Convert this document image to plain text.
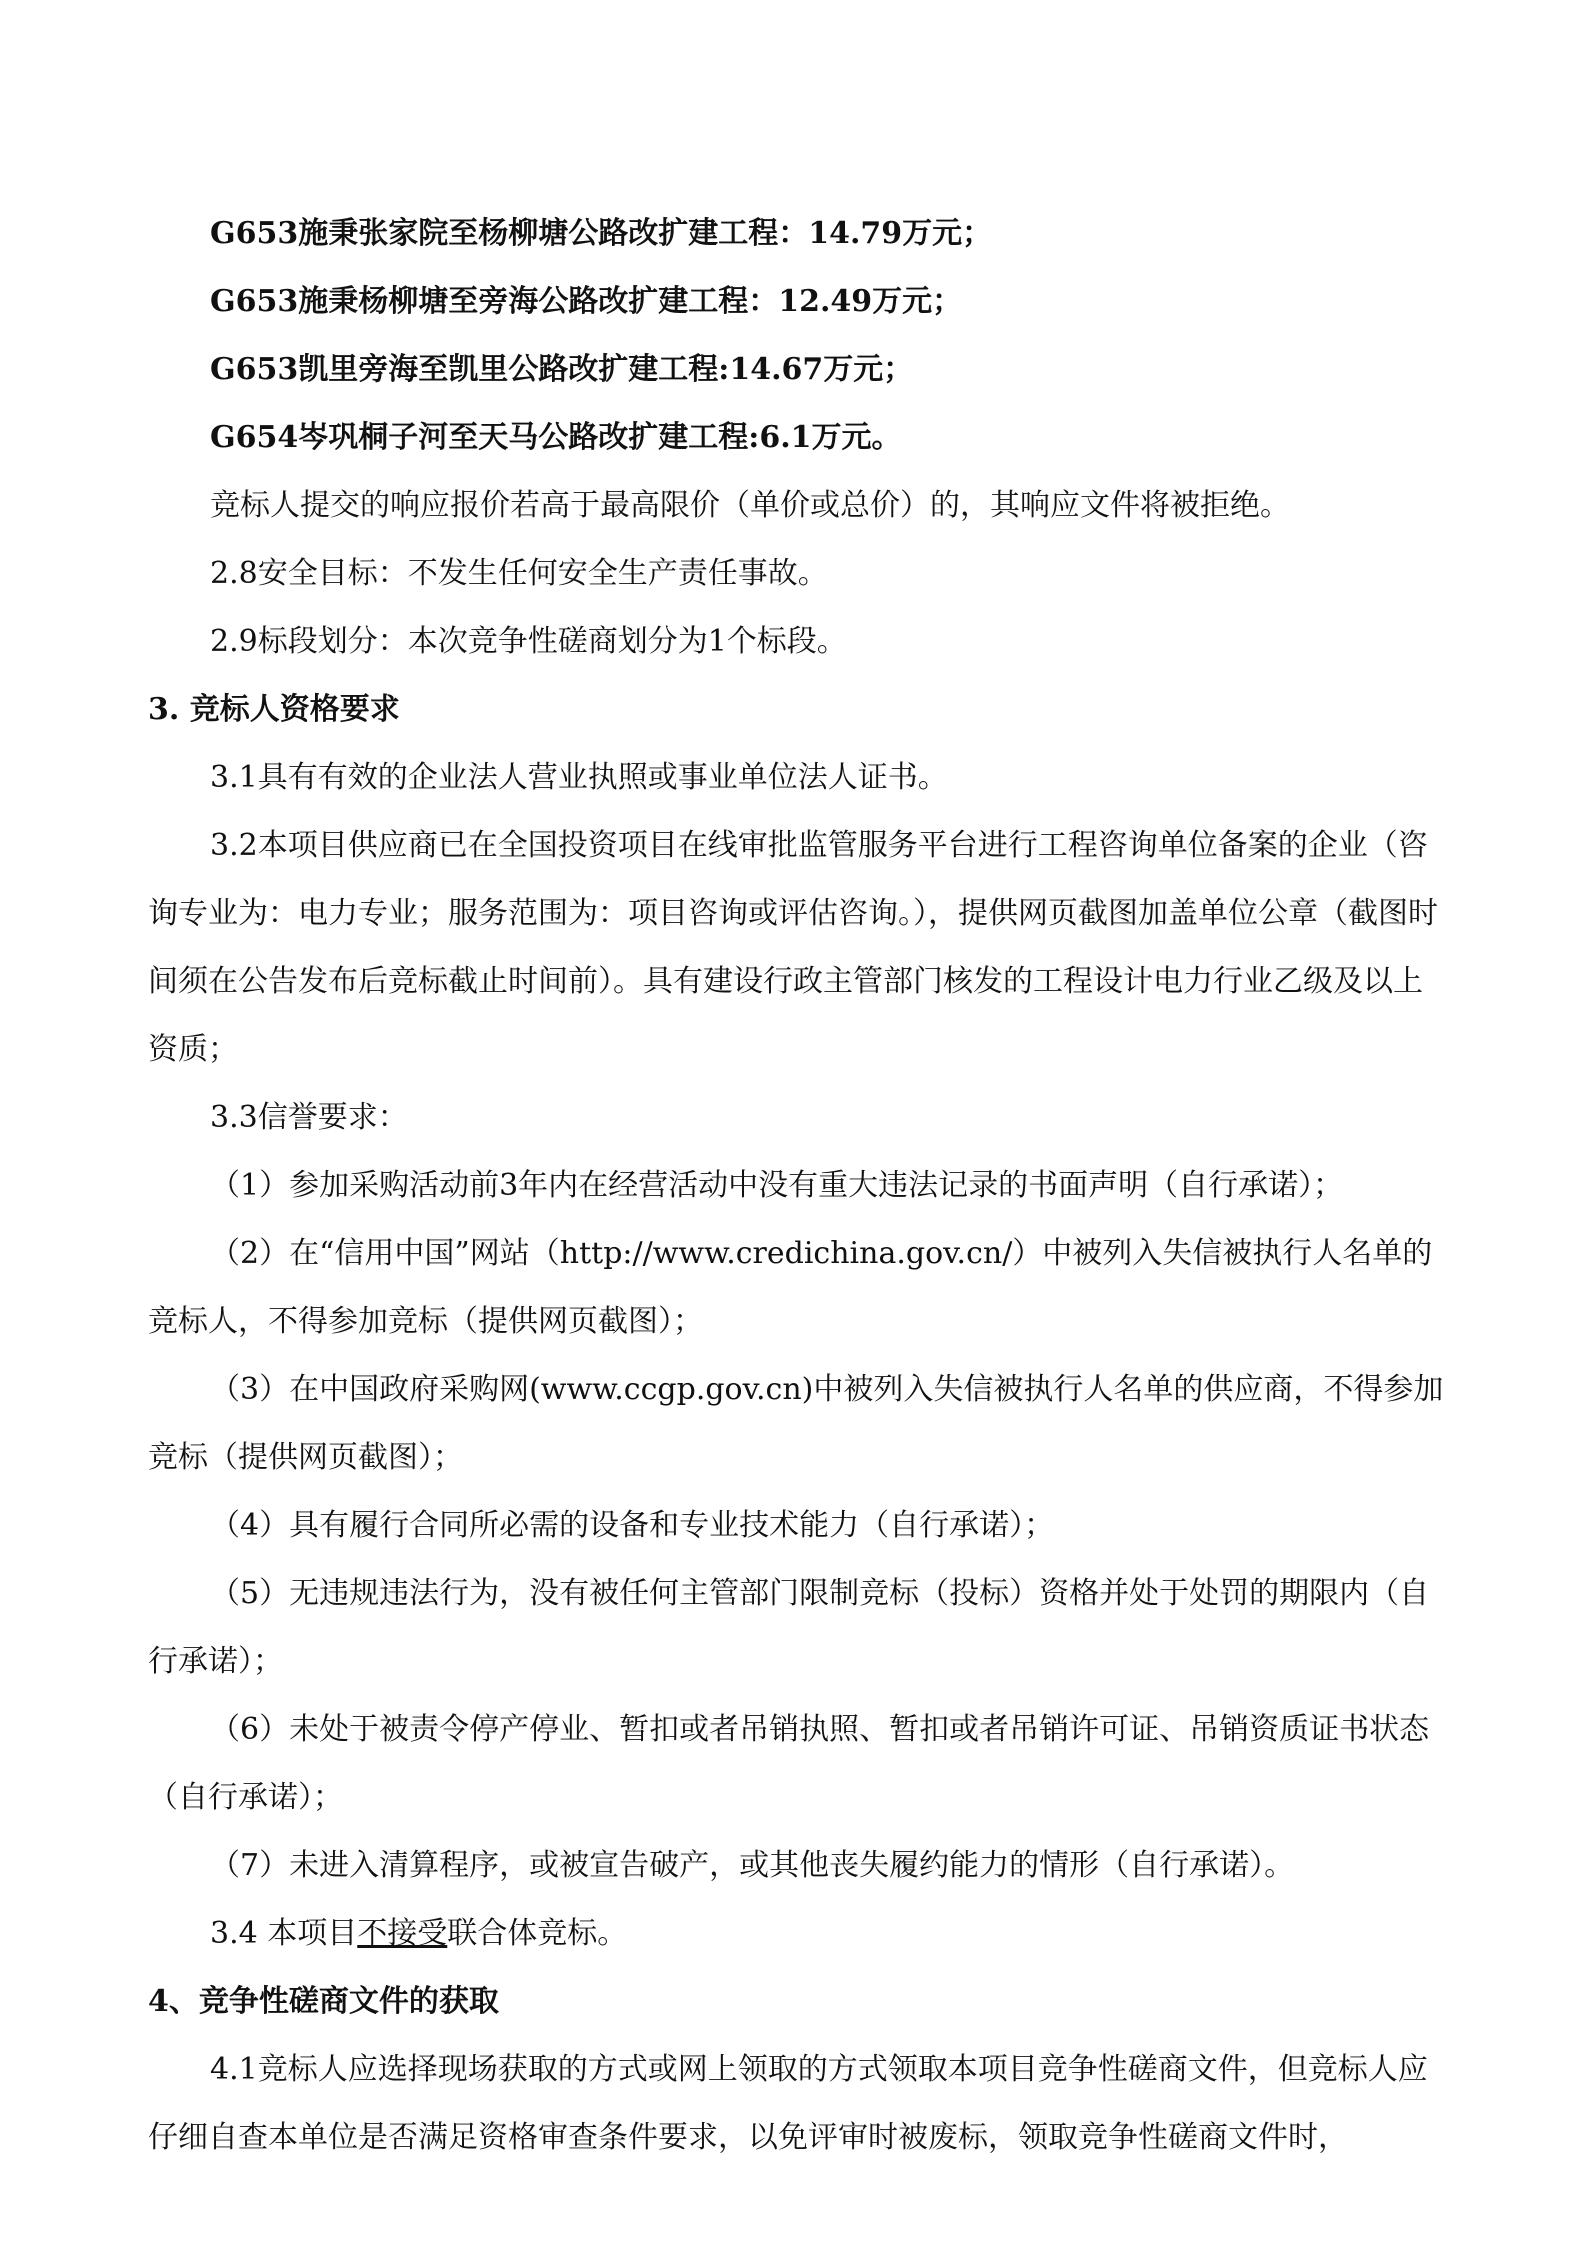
G653施秉张家院至杨柳塘公路改扩建工程：14.79万元；

G653施秉杨柳塘至旁海公路改扩建工程：12.49万元；

G653凯里旁海至凯里公路改扩建工程:14.67万元；

G654岑巩桐子河至天马公路改扩建工程:6.1万元。

竞标人提交的响应报价若高于最高限价（单价或总价）的，其响应文件将被拒绝。

2.8安全目标：不发生任何安全生产责任事故。

2.9标段划分：本次竞争性磋商划分为1个标段。

3. 竞标人资格要求

3.1具有有效的企业法人营业执照或事业单位法人证书。

3.2本项目供应商已在全国投资项目在线审批监管服务平台进行工程咨询单位备案的企业（咨询专业为：电力专业；服务范围为：项目咨询或评估咨询。），提供网页截图加盖单位公章（截图时间须在公告发布后竞标截止时间前）。具有建设行政主管部门核发的工程设计电力行业乙级及以上资质；

3.3信誉要求：

（1）参加采购活动前3年内在经营活动中没有重大违法记录的书面声明（自行承诺）；

（2）在“信用中国”网站（http://www.credichina.gov.cn/）中被列入失信被执行人名单的竞标人，不得参加竞标（提供网页截图）；

（3）在中国政府采购网(www.ccgp.gov.cn)中被列入失信被执行人名单的供应商，不得参加竞标（提供网页截图）；

（4）具有履行合同所必需的设备和专业技术能力（自行承诺）；

（5）无违规违法行为，没有被任何主管部门限制竞标（投标）资格并处于处罚的期限内（自行承诺）；

（6）未处于被责令停产停业、暂扣或者吊销执照、暂扣或者吊销许可证、吊销资质证书状态（自行承诺）；

（7）未进入清算程序，或被宣告破产，或其他丧失履约能力的情形（自行承诺）。

3.4 本项目不接受联合体竞标。

4、竞争性磋商文件的获取

4.1竞标人应选择现场获取的方式或网上领取的方式领取本项目竞争性磋商文件，但竞标人应仔细自查本单位是否满足资格审查条件要求，以免评审时被废标，领取竞争性磋商文件时，
